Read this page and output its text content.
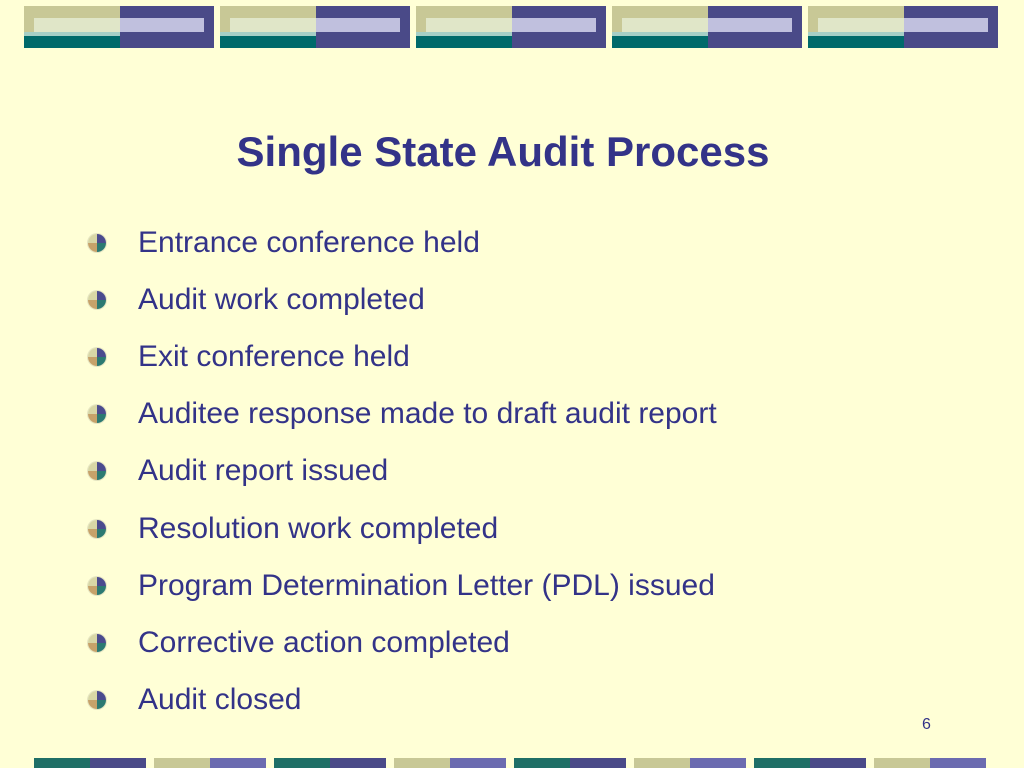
Single State Audit Process
Entrance conference held
Audit work completed
Exit conference held
Auditee response made to draft audit report
Audit report issued
Resolution work completed
Program Determination Letter (PDL) issued
Corrective action completed
Audit closed
6
